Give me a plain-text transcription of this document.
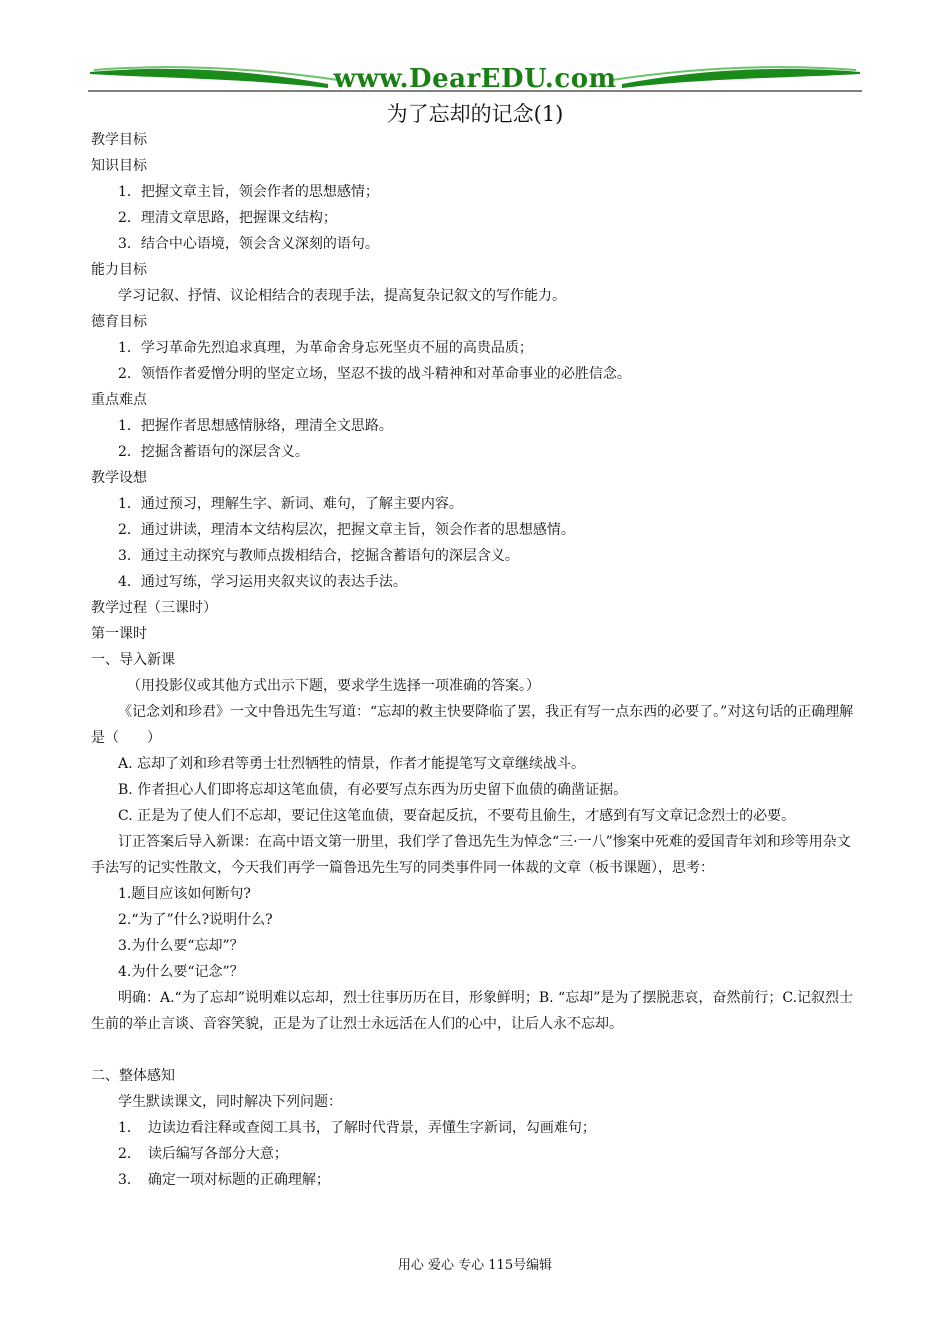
www.DearEDU.com
为了忘却的记念(1)

教学目标

知识目标

1．把握文章主旨，领会作者的思想感情；

2．理清文章思路，把握课文结构；

3．结合中心语境，领会含义深刻的语句。

能力目标

学习记叙、抒情、议论相结合的表现手法，提高复杂记叙文的写作能力。

德育目标

1．学习革命先烈追求真理，为革命舍身忘死坚贞不屈的高贵品质；

2．领悟作者爱憎分明的坚定立场，坚忍不拔的战斗精神和对革命事业的必胜信念。

重点难点

1．把握作者思想感情脉络，理清全文思路。

2．挖掘含蓄语句的深层含义。

教学设想

1．通过预习，理解生字、新词、难句，了解主要内容。

2．通过讲读，理清本文结构层次，把握文章主旨，领会作者的思想感情。

3．通过主动探究与教师点拨相结合，挖掘含蓄语句的深层含义。

4．通过写练，学习运用夹叙夹议的表达手法。

教学过程（三课时）

第一课时

一、导入新课

（用投影仪或其他方式出示下题，要求学生选择一项准确的答案。）

《记念刘和珍君》一文中鲁迅先生写道：“忘却的救主快要降临了罢，我正有写一点东西的必要了。”对这句话的正确理解是（　　）

A. 忘却了刘和珍君等勇士壮烈牺牲的情景，作者才能提笔写文章继续战斗。

B. 作者担心人们即将忘却这笔血债，有必要写点东西为历史留下血债的确凿证据。

C. 正是为了使人们不忘却，要记住这笔血债，要奋起反抗，不要苟且偷生，才感到有写文章记念烈士的必要。

订正答案后导入新课：在高中语文第一册里，我们学了鲁迅先生为悼念“三·一八”惨案中死难的爱国青年刘和珍等用杂文手法写的记实性散文，今天我们再学一篇鲁迅先生写的同类事件同一体裁的文章（板书课题），思考：

1.题目应该如何断句?

2.“为了”什么?说明什么?

3.为什么要“忘却”？

4.为什么要“记念”？

明确：A.“为了忘却”说明难以忘却，烈士往事历历在目，形象鲜明；B. “忘却”是为了摆脱悲哀，奋然前行；C.记叙烈士生前的举止言谈、音容笑貌，正是为了让烈士永远活在人们的心中，让后人永不忘却。

二、整体感知

学生默读课文，同时解决下列问题：

1．　边读边看注释或查阅工具书，了解时代背景，弄懂生字新词，勾画难句；

2．　读后编写各部分大意；

3．　确定一项对标题的正确理解；

用心 爱心 专心 115号编辑
